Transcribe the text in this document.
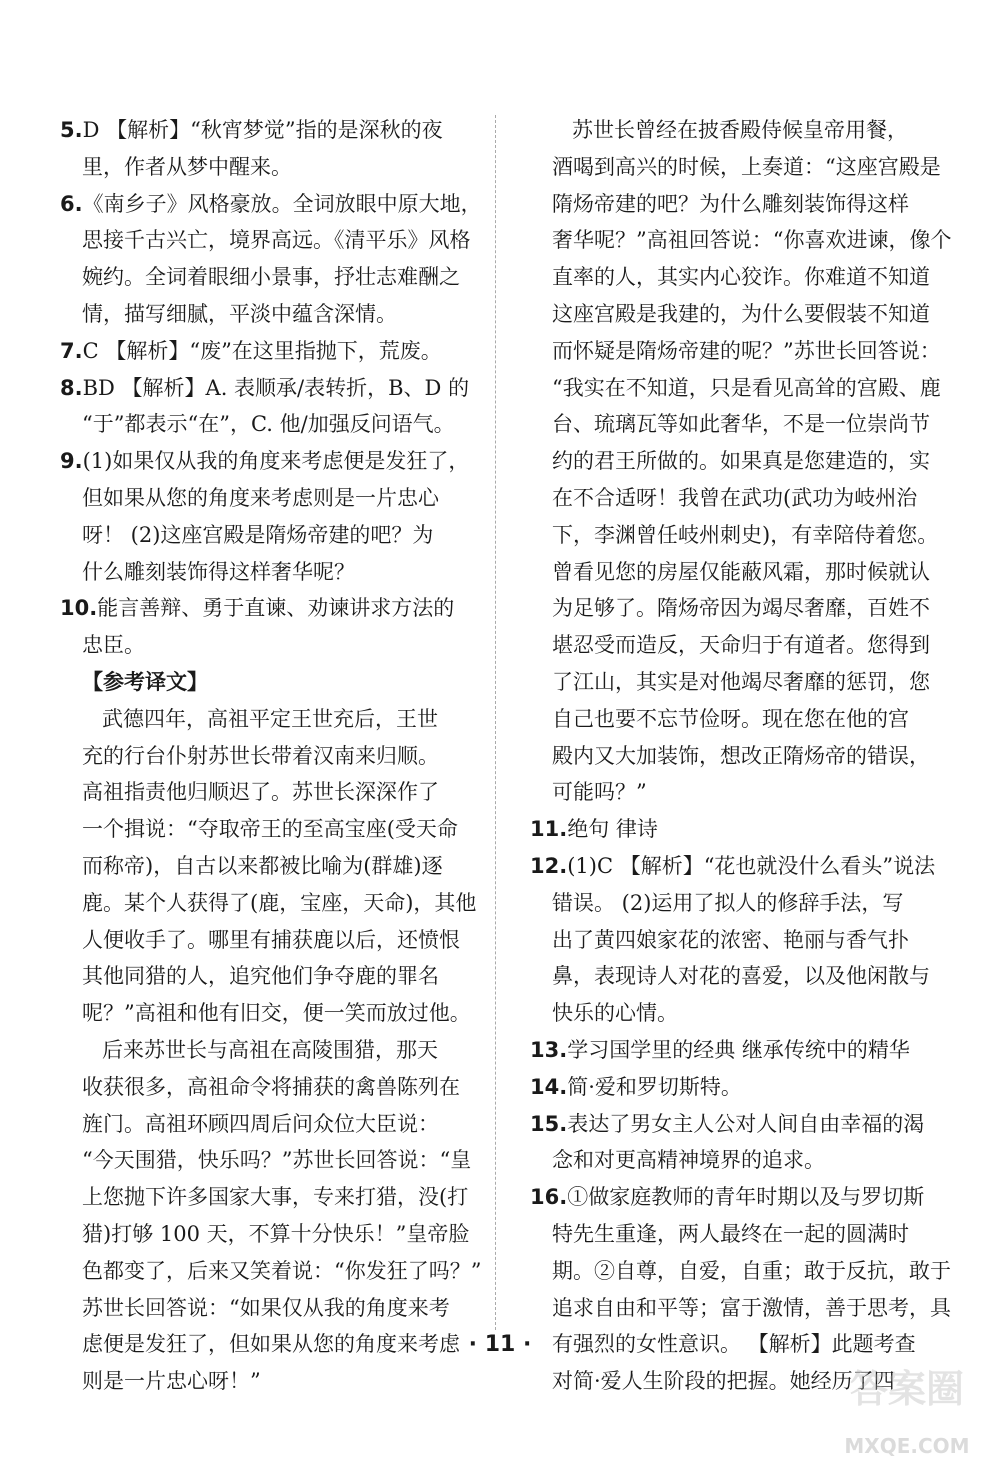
5.D 【解析】“秋宵梦觉”指的是深秋的夜
里，作者从梦中醒来。
6.《南乡子》风格豪放。全词放眼中原大地，
思接千古兴亡，境界高远。《清平乐》风格
婉约。全词着眼细小景事，抒壮志难酬之
情，描写细腻，平淡中蕴含深情。
7.C 【解析】“废”在这里指抛下，荒废。
8.BD 【解析】A. 表顺承/表转折，B、D 的
“于”都表示“在”，C. 他/加强反问语气。
9.(1)如果仅从我的角度来考虑便是发狂了，
但如果从您的角度来考虑则是一片忠心
呀！ (2)这座宫殿是隋炀帝建的吧？为
什么雕刻装饰得这样奢华呢？
10.能言善辩、勇于直谏、劝谏讲求方法的
忠臣。
【参考译文】
武德四年，高祖平定王世充后，王世
充的行台仆射苏世长带着汉南来归顺。
高祖指责他归顺迟了。苏世长深深作了
一个揖说：“夺取帝王的至高宝座(受天命
而称帝)，自古以来都被比喻为(群雄)逐
鹿。某个人获得了(鹿，宝座，天命)，其他
人便收手了。哪里有捕获鹿以后，还愤恨
其他同猎的人，追究他们争夺鹿的罪名
呢？”高祖和他有旧交，便一笑而放过他。
后来苏世长与高祖在高陵围猎，那天
收获很多，高祖命令将捕获的禽兽陈列在
旌门。高祖环顾四周后问众位大臣说：
“今天围猎，快乐吗？”苏世长回答说：“皇
上您抛下许多国家大事，专来打猎，没(打
猎)打够 100 天，不算十分快乐！”皇帝脸
色都变了，后来又笑着说：“你发狂了吗？”
苏世长回答说：“如果仅从我的角度来考
虑便是发狂了，但如果从您的角度来考虑
则是一片忠心呀！”
苏世长曾经在披香殿侍候皇帝用餐，
酒喝到高兴的时候，上奏道：“这座宫殿是
隋炀帝建的吧？为什么雕刻装饰得这样
奢华呢？”高祖回答说：“你喜欢进谏，像个
直率的人，其实内心狡诈。你难道不知道
这座宫殿是我建的，为什么要假装不知道
而怀疑是隋炀帝建的呢？”苏世长回答说：
“我实在不知道，只是看见高耸的宫殿、鹿
台、琉璃瓦等如此奢华，不是一位崇尚节
约的君王所做的。如果真是您建造的，实
在不合适呀！我曾在武功(武功为岐州治
下，李渊曾任岐州刺史)，有幸陪侍着您。
曾看见您的房屋仅能蔽风霜，那时候就认
为足够了。隋炀帝因为竭尽奢靡，百姓不
堪忍受而造反，天命归于有道者。您得到
了江山，其实是对他竭尽奢靡的惩罚，您
自己也要不忘节俭呀。现在您在他的宫
殿内又大加装饰，想改正隋炀帝的错误，
可能吗？”
11.绝句 律诗
12.(1)C 【解析】“花也就没什么看头”说法
错误。 (2)运用了拟人的修辞手法，写
出了黄四娘家花的浓密、艳丽与香气扑
鼻，表现诗人对花的喜爱，以及他闲散与
快乐的心情。
13.学习国学里的经典 继承传统中的精华
14.简·爱和罗切斯特。
15.表达了男女主人公对人间自由幸福的渴
念和对更高精神境界的追求。
16.①做家庭教师的青年时期以及与罗切斯
特先生重逢，两人最终在一起的圆满时
期。②自尊，自爱，自重；敢于反抗，敢于
追求自由和平等；富于激情，善于思考，具
有强烈的女性意识。 【解析】此题考查
对简·爱人生阶段的把握。她经历了四
· 11 ·
答案圈
MXQE.COM
